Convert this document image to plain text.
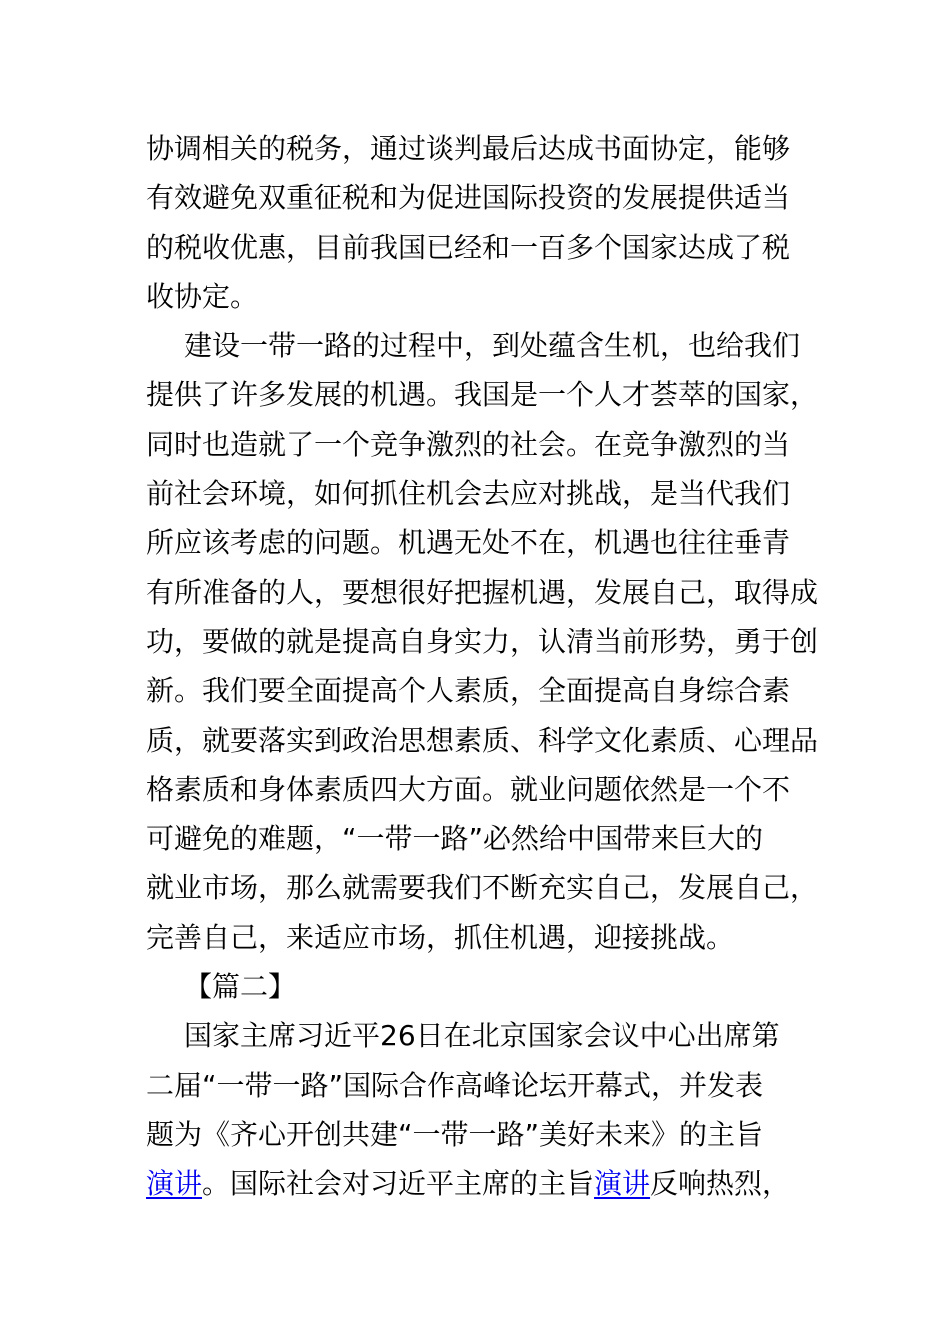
协调相关的税务，通过谈判最后达成书面协定，能够
有效避免双重征税和为促进国际投资的发展提供适当
的税收优惠，目前我国已经和一百多个国家达成了税
收协定。
建设一带一路的过程中，到处蕴含生机，也给我们
提供了许多发展的机遇。我国是一个人才荟萃的国家，
同时也造就了一个竞争激烈的社会。在竞争激烈的当
前社会环境，如何抓住机会去应对挑战，是当代我们
所应该考虑的问题。机遇无处不在，机遇也往往垂青
有所准备的人，要想很好把握机遇，发展自己，取得成
功，要做的就是提高自身实力，认清当前形势，勇于创
新。我们要全面提高个人素质，全面提高自身综合素
质，就要落实到政治思想素质、科学文化素质、心理品
格素质和身体素质四大方面。就业问题依然是一个不
可避免的难题，“一带一路”必然给中国带来巨大的
就业市场，那么就需要我们不断充实自己，发展自己，
完善自己，来适应市场，抓住机遇，迎接挑战。
【篇二】
国家主席习近平26日在北京国家会议中心出席第
二届“一带一路”国际合作高峰论坛开幕式，并发表
题为《齐心开创共建“一带一路”美好未来》的主旨
演讲。国际社会对习近平主席的主旨演讲反响热烈，
